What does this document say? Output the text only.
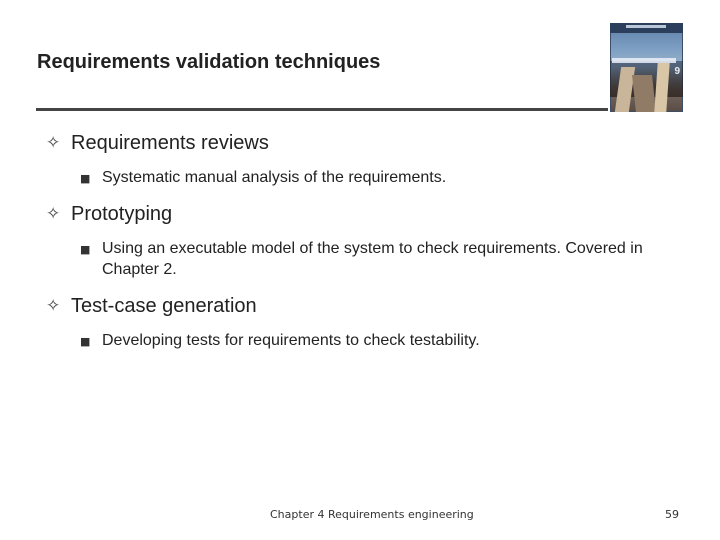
Requirements validation techniques	9
✧ Requirements reviews
■ Systematic manual analysis of the requirements.
✧ Prototyping
■ Using an executable model of the system to check requirements. Covered in Chapter 2.
✧ Test-case generation
■ Developing tests for requirements to check testability.
Chapter 4 Requirements engineering	59
